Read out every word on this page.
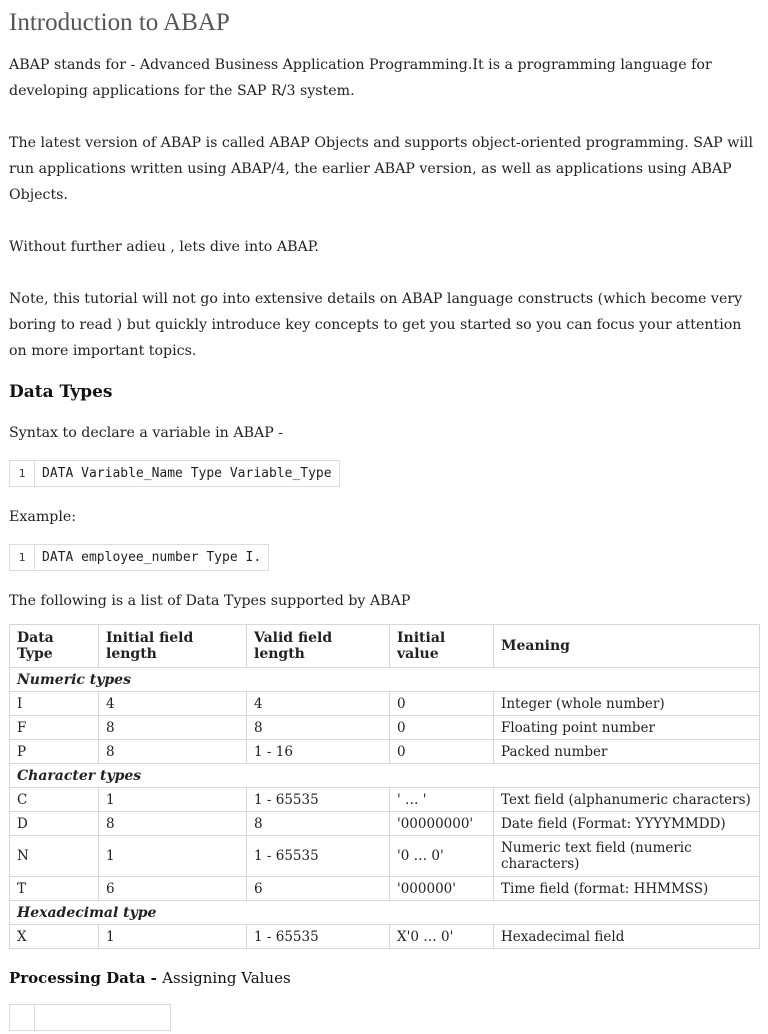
Introduction to ABAP

ABAP stands for - Advanced Business Application Programming.It is a programming language for developing applications for the SAP R/3 system.

The latest version of ABAP is called ABAP Objects and supports object-oriented programming. SAP will run applications written using ABAP/4, the earlier ABAP version, as well as applications using ABAP Objects.

Without further adieu , lets dive into ABAP.

Note, this tutorial will not go into extensive details on ABAP language constructs (which become very boring to read ) but quickly introduce key concepts to get you started so you can focus your attention on more important topics.

Data Types

Syntax to declare a variable in ABAP -

1	DATA Variable_Name Type Variable_Type

Example:

1	DATA employee_number Type I.

The following is a list of Data Types supported by ABAP

Data Type	Initial field length	Valid field length	Initial value	Meaning
Numeric types				
I	4	4	0	Integer (whole number)
F	8	8	0	Floating point number
P	8	1 - 16	0	Packed number
Character types				
C	1	1 - 65535	' … '	Text field (alphanumeric characters)
D	8	8	'00000000'	Date field (Format: YYYYMMDD)
N	1	1 - 65535	'0 … 0'	Numeric text field (numeric characters)
T	6	6	'000000'	Time field (format: HHMMSS)
Hexadecimal type				
X	1	1 - 65535	X'0 … 0'	Hexadecimal field
Processing Data - Assigning Values
